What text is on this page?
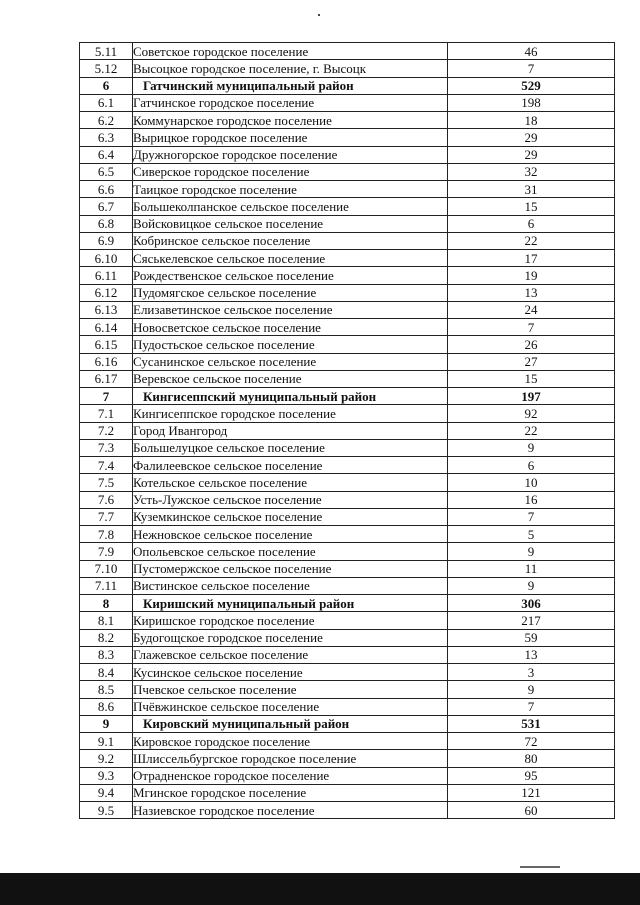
5.11	Советское городское поселение	46
5.12	Высоцкое городское поселение, г. Высоцк	7
6	Гатчинский муниципальный район	529
6.1	Гатчинское городское поселение	198
6.2	Коммунарское городское поселение	18
6.3	Вырицкое городское поселение	29
6.4	Дружногорское городское поселение	29
6.5	Сиверское городское поселение	32
6.6	Таицкое городское поселение	31
6.7	Большеколпанское сельское поселение	15
6.8	Войсковицкое сельское поселение	6
6.9	Кобринское сельское поселение	22
6.10	Сяськелевское сельское поселение	17
6.11	Рождественское сельское поселение	19
6.12	Пудомягское сельское поселение	13
6.13	Елизаветинское сельское поселение	24
6.14	Новосветское сельское поселение	7
6.15	Пудостьское сельское поселение	26
6.16	Сусанинское сельское поселение	27
6.17	Веревское сельское поселение	15
7	Кингисеппский муниципальный район	197
7.1	Кингисеппское городское поселение	92
7.2	Город Ивангород	22
7.3	Большелуцкое сельское поселение	9
7.4	Фалилеевское сельское поселение	6
7.5	Котельское сельское поселение	10
7.6	Усть-Лужское сельское поселение	16
7.7	Куземкинское сельское поселение	7
7.8	Нежновское сельское поселение	5
7.9	Опольевское сельское поселение	9
7.10	Пустомержское сельское поселение	11
7.11	Вистинское сельское поселение	9
8	Киришский муниципальный район	306
8.1	Киришское городское поселение	217
8.2	Будогощское городское поселение	59
8.3	Глажевское сельское поселение	13
8.4	Кусинское сельское поселение	3
8.5	Пчевское сельское поселение	9
8.6	Пчёвжинское сельское поселение	7
9	Кировский муниципальный район	531
9.1	Кировское городское поселение	72
9.2	Шлиссельбургское городское поселение	80
9.3	Отрадненское городское поселение	95
9.4	Мгинское городское поселение	121
9.5	Назиевское городское поселение	60
